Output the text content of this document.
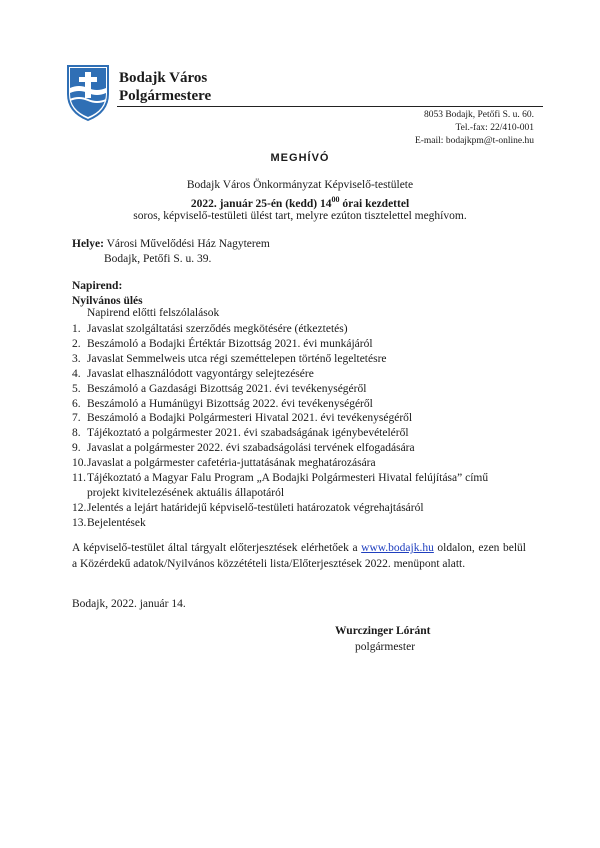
Bodajk Város
Polgármestere
8053 Bodajk, Petőfi S. u. 60.
Tel.-fax: 22/410-001
E-mail: bodajkpm@t-online.hu
MEGHÍVÓ
Bodajk Város Önkormányzat Képviselő-testülete
2022. január 25-én (kedd) $14^{00}$ órai kezdettel
soros, képviselő-testületi ülést tart, melyre ezúton tisztelettel meghívom.
Helye: Városi Művelődési Ház Nagyterem
Bodajk, Petőfi S. u. 39.
Napirend:
Nyilvános ülés
Napirend előtti felszólalások
1. Javaslat szolgáltatási szerződés megkötésére (étkeztetés)
2. Beszámoló a Bodajki Értéktár Bizottság 2021. évi munkájáról
3. Javaslat Semmelweis utca régi szeméttelepen történő legeltetésre
4. Javaslat elhasználódott vagyontárgy selejtezésére
5. Beszámoló a Gazdasági Bizottság 2021. évi tevékenységéről
6. Beszámoló a Humánügyi Bizottság 2022. évi tevékenységéről
7. Beszámoló a Bodajki Polgármesteri Hivatal 2021. évi tevékenységéről
8. Tájékoztató a polgármester 2021. évi szabadságának igénybevételéről
9. Javaslat a polgármester 2022. évi szabadságolási tervének elfogadására
10.Javaslat a polgármester cafetéria-juttatásának meghatározására
11.Tájékoztató a Magyar Falu Program „A Bodajki Polgármesteri Hivatal felújítása” című
projekt kivitelezésének aktuális állapotáról
12.Jelentés a lejárt határidejű képviselő-testületi határozatok végrehajtásáról
13.Bejelentések
A képviselő-testület által tárgyalt előterjesztések elérhetőek a www.bodajk.hu oldalon, ezen belül a Közérdekű adatok/Nyilvános közzétételi lista/Előterjesztések 2022. menüpont alatt.
Bodajk, 2022. január 14.
Wurczinger Lóránt
polgármester
